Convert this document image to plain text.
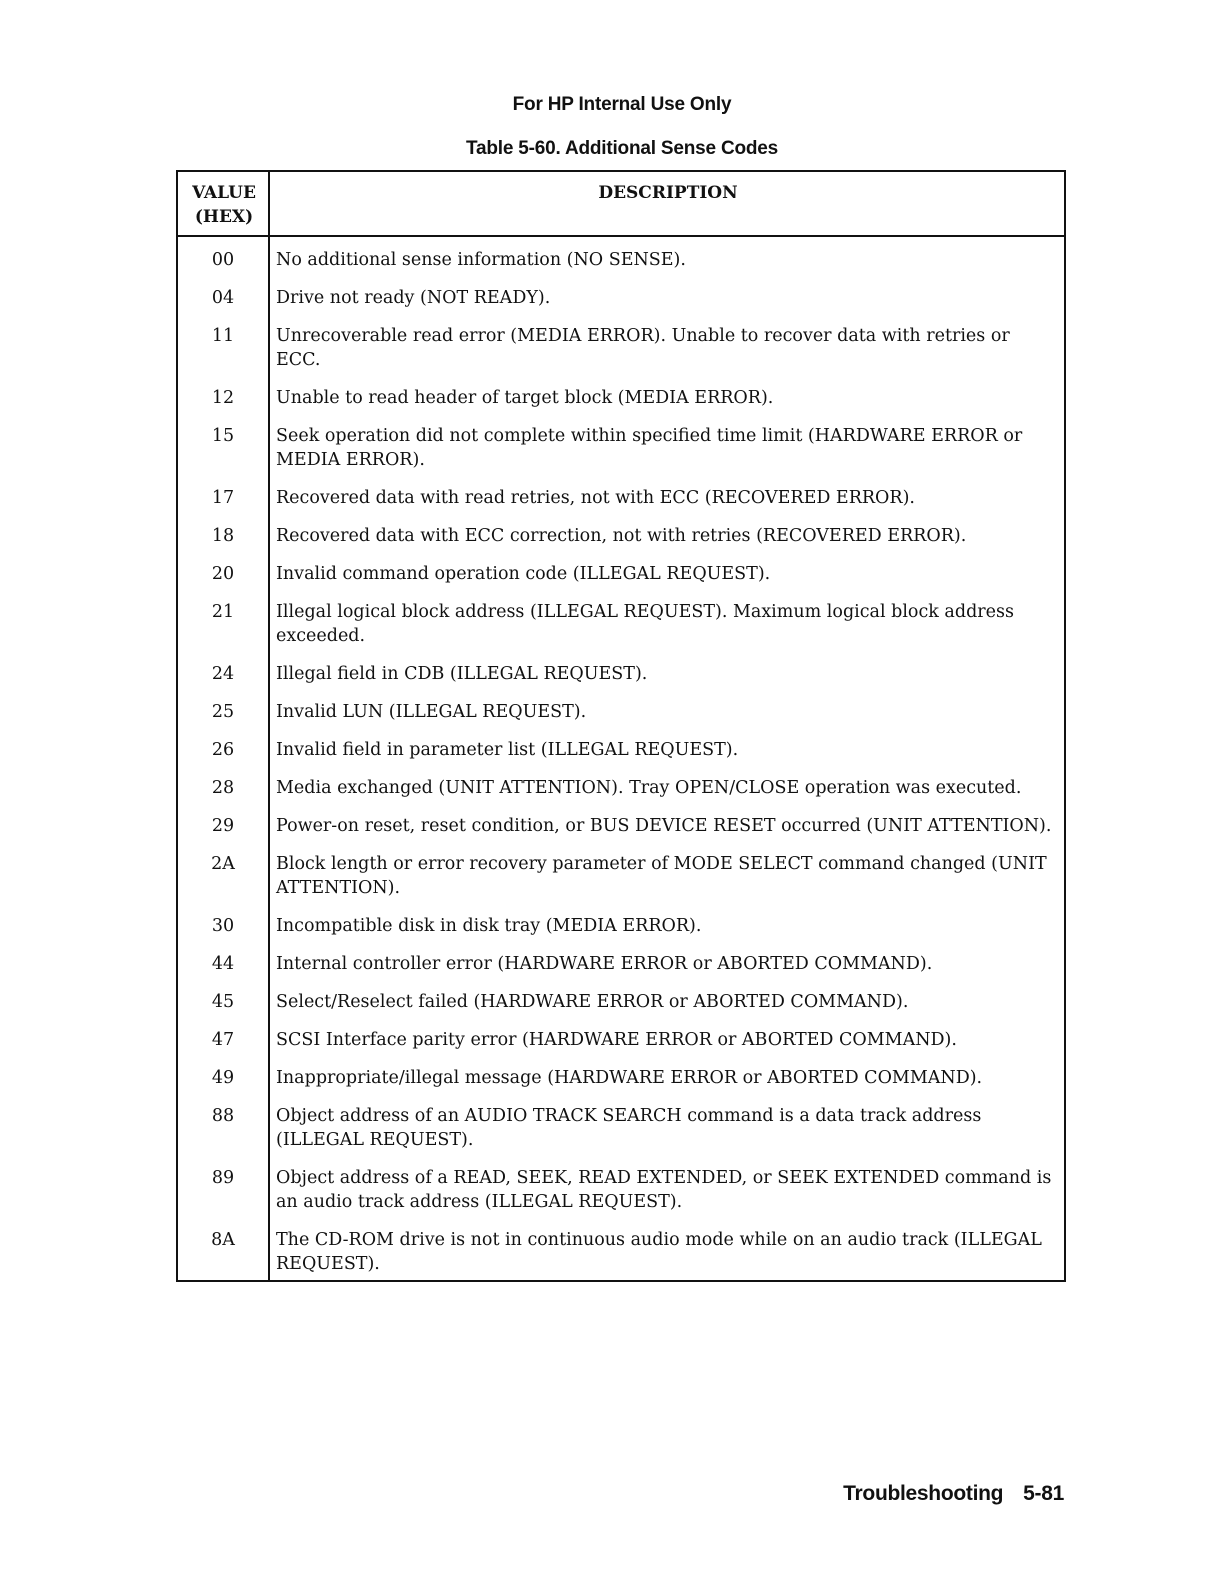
For HP Internal Use Only
Table 5-60. Additional Sense Codes
VALUE
(HEX)	DESCRIPTION
00	No additional sense information (NO SENSE).
04	Drive not ready (NOT READY).
11	Unrecoverable read error (MEDIA ERROR). Unable to recover data with retries or ECC.
12	Unable to read header of target block (MEDIA ERROR).
15	Seek operation did not complete within specified time limit (HARDWARE ERROR or MEDIA ERROR).
17	Recovered data with read retries, not with ECC (RECOVERED ERROR).
18	Recovered data with ECC correction, not with retries (RECOVERED ERROR).
20	Invalid command operation code (ILLEGAL REQUEST).
21	Illegal logical block address (ILLEGAL REQUEST). Maximum logical block address exceeded.
24	Illegal field in CDB (ILLEGAL REQUEST).
25	Invalid LUN (ILLEGAL REQUEST).
26	Invalid field in parameter list (ILLEGAL REQUEST).
28	Media exchanged (UNIT ATTENTION). Tray OPEN/CLOSE operation was executed.
29	Power-on reset, reset condition, or BUS DEVICE RESET occurred (UNIT ATTENTION).
2A	Block length or error recovery parameter of MODE SELECT command changed (UNIT ATTENTION).
30	Incompatible disk in disk tray (MEDIA ERROR).
44	Internal controller error (HARDWARE ERROR or ABORTED COMMAND).
45	Select/Reselect failed (HARDWARE ERROR or ABORTED COMMAND).
47	SCSI Interface parity error (HARDWARE ERROR or ABORTED COMMAND).
49	Inappropriate/illegal message (HARDWARE ERROR or ABORTED COMMAND).
88	Object address of an AUDIO TRACK SEARCH command is a data track address (ILLEGAL REQUEST).
89	Object address of a READ, SEEK, READ EXTENDED, or SEEK EXTENDED command is an audio track address (ILLEGAL REQUEST).
8A	The CD-ROM drive is not in continuous audio mode while on an audio track (ILLEGAL REQUEST).
Troubleshooting 5-81
